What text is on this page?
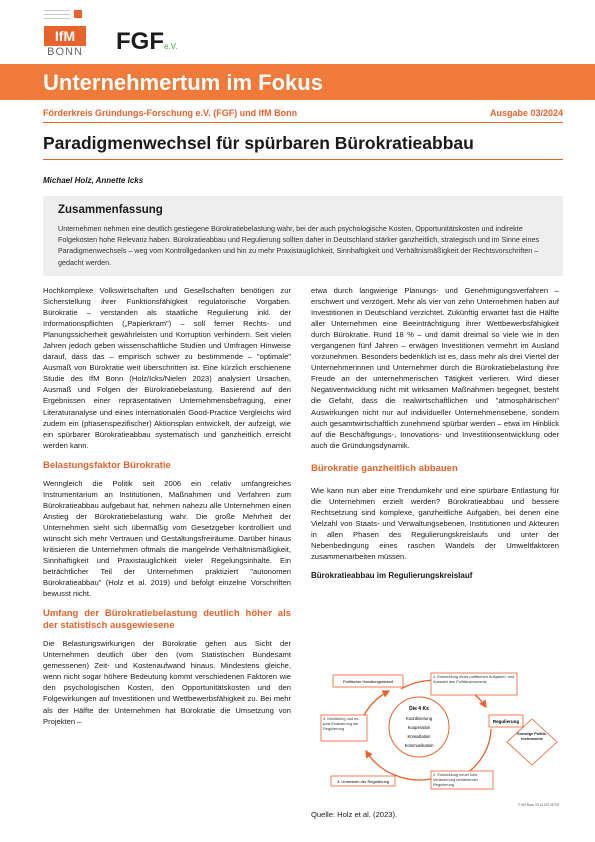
IfM
BONN FGFe.V.
Unternehmertum im Fokus
Förderkreis Gründungs-Forschung e.V. (FGF) und IfM Bonn	Ausgabe 03/2024
Paradigmenwechsel für spürbaren Bürokratieabbau
Michael Holz, Annette Icks
Zusammenfassung
Unternehmen nehmen eine deutlich gestiegene Bürokratiebelastung wahr, bei der auch psychologische Kosten, Opportunitätskosten und indirekte Folgekosten hohe Relevanz haben. Bürokratieabbau und Regulierung sollten daher in Deutschland stärker ganzheitlich, strategisch und im Sinne eines Paradigmenwechsels – weg vom Kontrollgedanken und hin zu mehr Praxistauglichkeit, Sinnhaftigkeit und Verhältnismäßigkeit der Rechtsvorschriften – gedacht werden.

Hochkomplexe Volkswirtschaften und Gesellschaften benötigen zur Sicherstellung ihrer Funktionsfähigkeit regulatorische Vorgaben. Bürokratie – verstanden als staatliche Regulierung inkl. der Informationspflichten („Papierkram") – soll ferner Rechts- und Planungssicherheit gewährleisten und Korruption verhindern. Seit vielen Jahren jedoch geben wissenschaftliche Studien und Umfragen Hinweise darauf, dass das – empirisch schwer zu bestimmende – "optimale" Ausmaß von Bürokratie weit überschritten ist. Eine kürzlich erschienene Studie des IfM Bonn (Holz/Icks/Nielen 2023) analysiert Ursachen, Ausmaß und Folgen der Bürokratiebelastung. Basierend auf den Ergebnissen einer repräsentativen Unternehmensbefragung, einer Literaturanalyse und eines internationalen Good-Practice Vergleichs wird zudem ein (phasenspezifischer) Aktionsplan entwickelt, der aufzeigt, wie ein spürbarer Bürokratieabbau systematisch und ganzheitlich erreicht werden kann.

Belastungsfaktor Bürokratie

Wenngleich die Politik seit 2006 ein relativ umfangreiches Instrumentarium an Institutionen, Maßnahmen und Verfahren zum Bürokratieabbau aufgebaut hat, nehmen nahezu alle Unternehmen einen Anstieg der Bürokratiebelastung wahr. Die große Mehrheit der Unternehmen sieht sich übermäßig vom Gesetzgeber kontrolliert und wünscht sich mehr Vertrauen und Gestaltungsfreiräume. Darüber hinaus kritisieren die Unternehmen oftmals die mangelnde Verhältnismäßigkeit, Sinnhaftigkeit und Praxistauglichkeit vieler Regelungsinhalte. Ein beträchtlicher Teil der Unternehmen praktiziert "autonomen Bürokratieabbau" (Holz et al. 2019) und befolgt einzelne Vorschriften bewusst nicht.

Umfang der Bürokratiebelastung deutlich höher als der statistisch ausgewiesene

Die Belastungswirkungen der Bürokratie gehen aus Sicht der Unternehmen deutlich über den (vom Statistischen Bundesamt gemessenen) Zeit- und Kostenaufwand hinaus. Mindestens gleiche, wenn nicht sogar höhere Bedeutung kommt verschiedenen Faktoren wie den psychologischen Kosten, den Opportunitätskosten und den Folgewirkungen auf Investitionen und Wettbewerbsfähigkeit zu. Bei mehr als der Hälfte der Unternehmen hat Bürokratie die Umsetzung von Projekten –

etwa durch langwierige Planungs- und Genehmigungsverfahren – erschwert und verzögert. Mehr als vier von zehn Unternehmen haben auf Investitionen in Deutschland verzichtet. Zukünftig erwartet fast die Hälfte aller Unternehmen eine Beeinträchtigung ihrer Wettbewerbsfähigkeit durch Bürokratie. Rund 18 % – und damit dreimal so viele wie in den vergangenen fünf Jahren – erwägen Investitionen vermehrt im Ausland vorzunehmen. Besonders bedenklich ist es, dass mehr als drei Viertel der Unternehmerinnen und Unternehmer durch die Bürokratiebelastung ihre Freude an der unternehmerischen Tätigkeit verlieren. Wird dieser Negativentwicklung nicht mit wirksamen Maßnahmen begegnet, besteht die Gefahr, dass die realwirtschaftlichen und "atmosphärischen" Auswirkungen nicht nur auf individueller Unternehmensebene, sondern auch gesamtwirtschaftlich zunehmend spürbar werden – etwa im Hinblick auf die Beschäftigungs-, Innovations- und Investitionsentwicklung oder auch die Gründungsdynamik.

Bürokratie ganzheitlich abbauen

Wie kann nun aber eine Trendumkehr und eine spürbare Entlastung für die Unternehmen erzielt werden? Bürokratieabbau und bessere Rechtsetzung sind komplexe, ganzheitliche Aufgaben, bei denen eine Vielzahl von Staats- und Verwaltungsebenen, Institutionen und Akteuren in allen Phasen des Regulierungskreislaufs und unter der Nebenbedingung eines raschen Wandels der Umweltfaktoren zusammenarbeiten müssen.

Bürokratieabbau im Regulierungskreislauf
Die 4 Ks
Koordinierung
Kooperation
Konsultation
Kommunikation
Politischer Handlungsbedarf
1. Entwicklung eines politischen Aufgaben- und Auswahl des Politikinstruments
Regulierung
Sonstige Politik-instrumente
4. Monitoring und ex-post Evaluierung der Regulierung
3. Umsetzen der Regulierung
2. Entwicklung neuer bzw. Veränderung bestehender Regulierung
© IfM Bonn 23 14 037 08 SR
Quelle: Holz et al. (2023).
